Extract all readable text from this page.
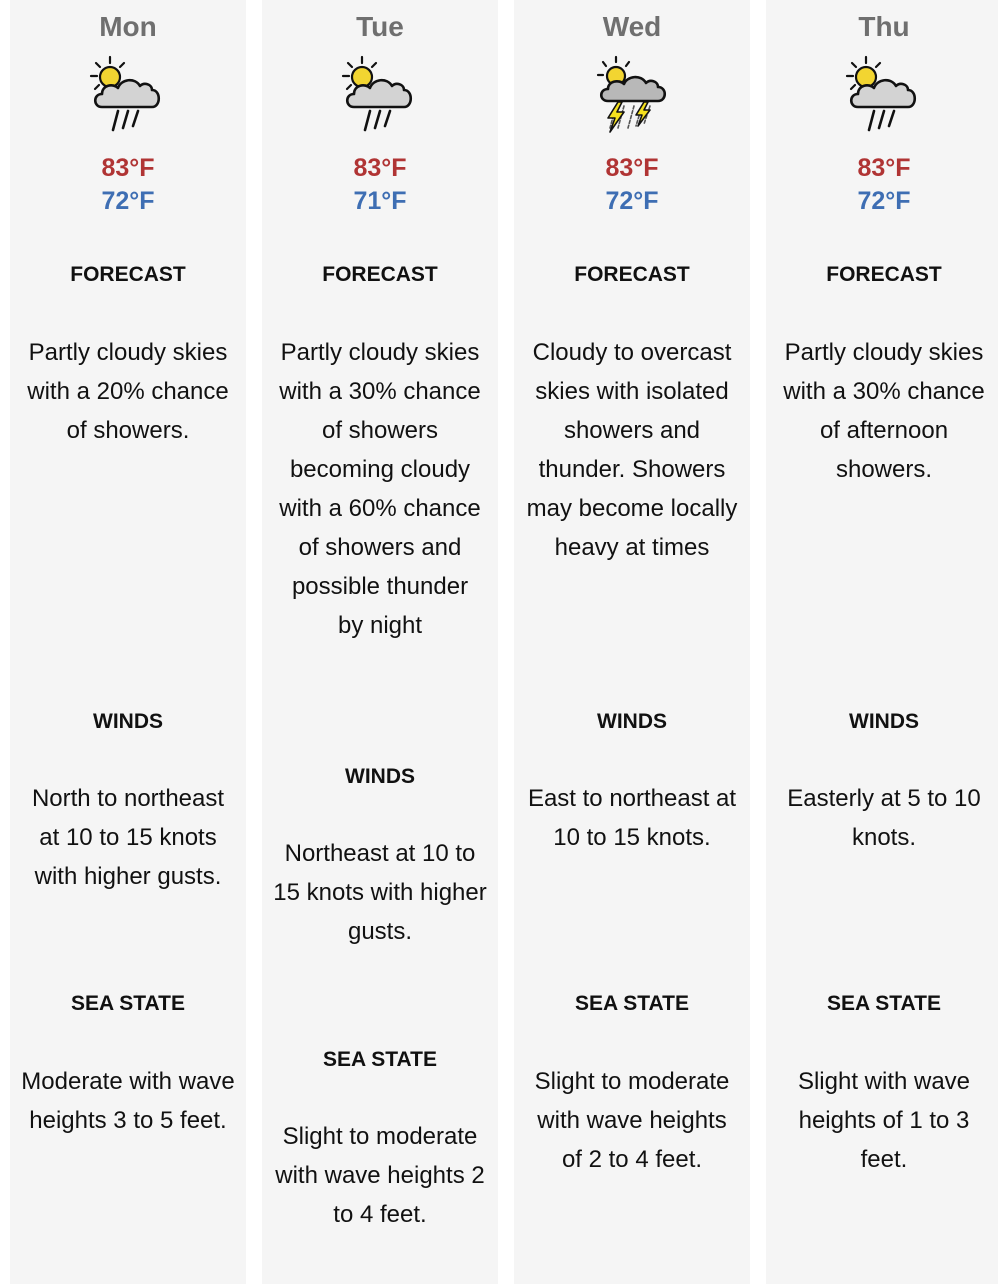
Mon
83°F
72°F
FORECAST
Partly cloudy skies with a 20% chance of showers.
WINDS
North to northeast at 10 to 15 knots with higher gusts.
SEA STATE
Moderate with wave heights 3 to 5 feet.
Tue
83°F
71°F
FORECAST
Partly cloudy skies with a 30% chance of showers becoming cloudy with a 60% chance of showers and possible thunder by night
WINDS
Northeast at 10 to 15 knots with higher gusts.
SEA STATE
Slight to moderate with wave heights 2 to 4 feet.
Wed
83°F
72°F
FORECAST
Cloudy to overcast skies with isolated showers and thunder. Showers may become locally heavy at times
WINDS
East to northeast at 10 to 15 knots.
SEA STATE
Slight to moderate with wave heights of 2 to 4 feet.
Thu
83°F
72°F
FORECAST
Partly cloudy skies with a 30% chance of afternoon showers.
WINDS
Easterly at 5 to 10 knots.
SEA STATE
Slight with wave heights of 1 to 3 feet.
